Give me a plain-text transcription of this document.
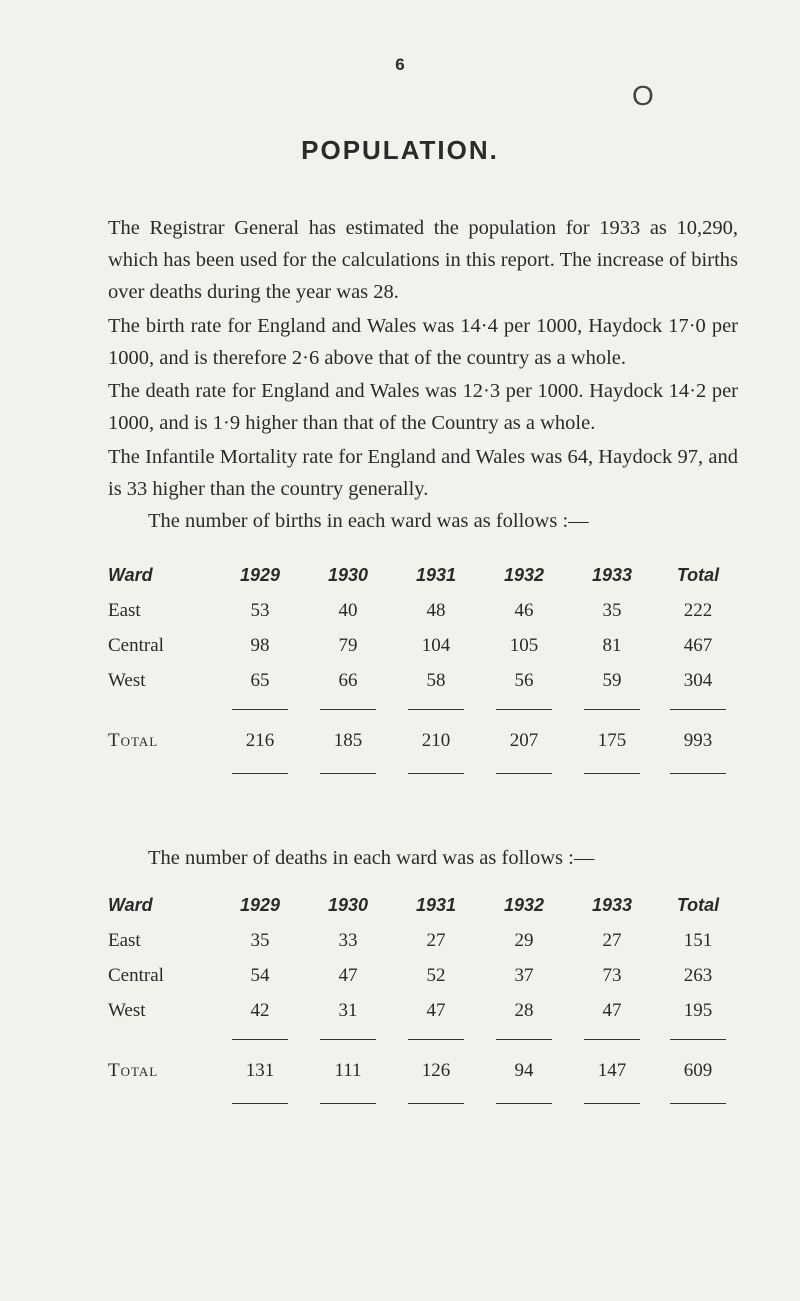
6
O
POPULATION.

The Registrar General has estimated the population for 1933 as 10,290, which has been used for the calculations in this report. The increase of births over deaths during the year was 28.

The birth rate for England and Wales was 14·4 per 1000, Haydock 17·0 per 1000, and is therefore 2·6 above that of the country as a whole.

The death rate for England and Wales was 12·3 per 1000. Haydock 14·2 per 1000, and is 1·9 higher than that of the Country as a whole.

The Infantile Mortality rate for England and Wales was 64, Haydock 97, and is 33 higher than the country generally.

The number of births in each ward was as follows :—

Ward	1929	1930	1931	1932	1933	Total
East	53	40	48	46	35	222
Central	98	79	104	105	81	467
West	65	66	58	56	59	304

Total	216	185	210	207	175	993

The number of deaths in each ward was as follows :—

Ward	1929	1930	1931	1932	1933	Total
East	35	33	27	29	27	151
Central	54	47	52	37	73	263
West	42	31	47	28	47	195

Total	131	111	126	94	147	609
